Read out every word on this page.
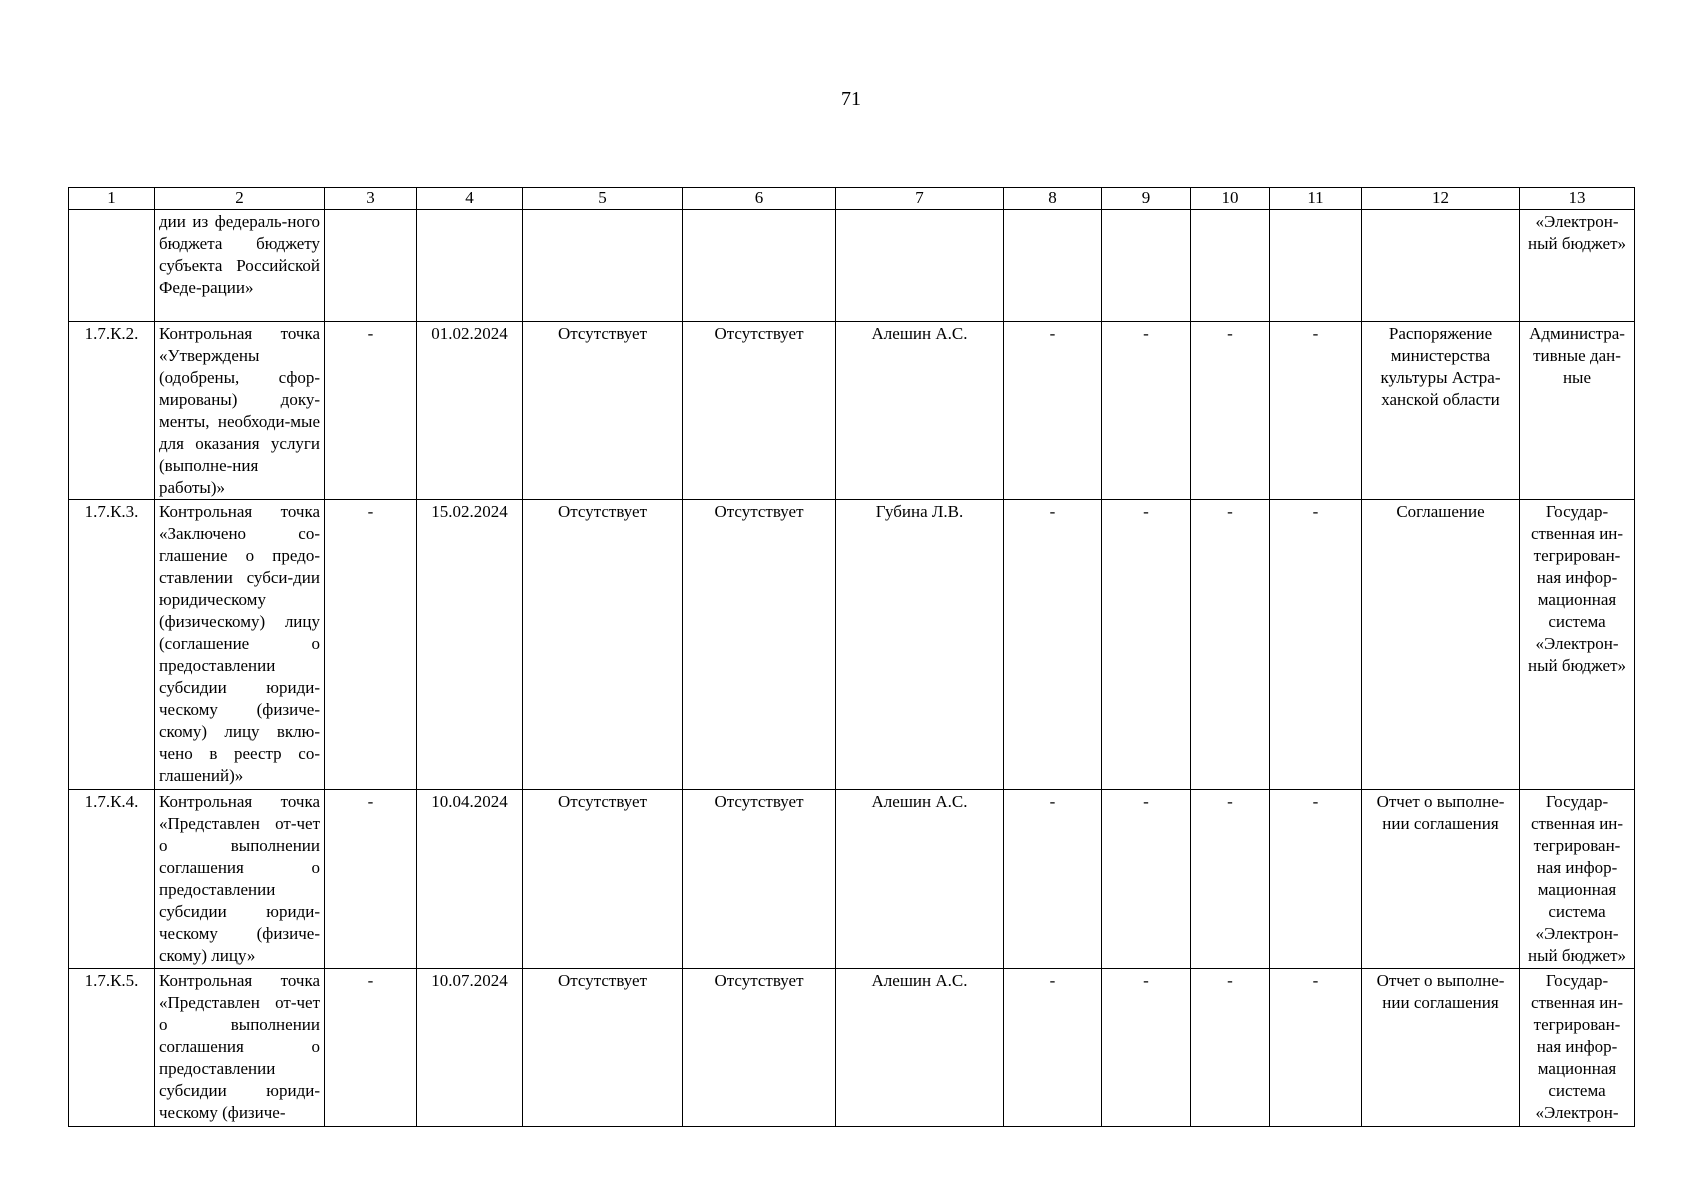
71
1	2	3	4	5	6	7	8	9	10	11	12	13
	дии из федераль-ного бюджета бюджету субъекта Российской Феде-рации»											«Электрон-ный бюджет»
1.7.К.2.	Контрольная точка «Утверждены (одобрены, сфор-мированы) доку-менты, необходи-мые для оказания услуги (выполне-ния работы)»	-	01.02.2024	Отсутствует	Отсутствует	Алешин А.С.	-	-	-	-	Распоряжение министерства культуры Астра-ханской области	Администра-тивные дан-ные
1.7.К.3.	Контрольная точка «Заключено со-глашение о предо-ставлении субси-дии юридическому (физическому) лицу (соглашение о предоставлении субсидии юриди-ческому (физиче-скому) лицу вклю-чено в реестр со-глашений)»	-	15.02.2024	Отсутствует	Отсутствует	Губина Л.В.	-	-	-	-	Соглашение	Государ-ственная ин-тегрирован-ная инфор-мационная система «Электрон-ный бюджет»
1.7.К.4.	Контрольная точка «Представлен от-чет о выполнении соглашения о предоставлении субсидии юриди-ческому (физиче-скому) лицу»	-	10.04.2024	Отсутствует	Отсутствует	Алешин А.С.	-	-	-	-	Отчет о выполне-нии соглашения	Государ-ственная ин-тегрирован-ная инфор-мационная система «Электрон-ный бюджет»
1.7.К.5.	Контрольная точка «Представлен от-чет о выполнении соглашения о предоставлении субсидии юриди-ческому (физиче-	-	10.07.2024	Отсутствует	Отсутствует	Алешин А.С.	-	-	-	-	Отчет о выполне-нии соглашения	Государ-ственная ин-тегрирован-ная инфор-мационная система «Электрон-
